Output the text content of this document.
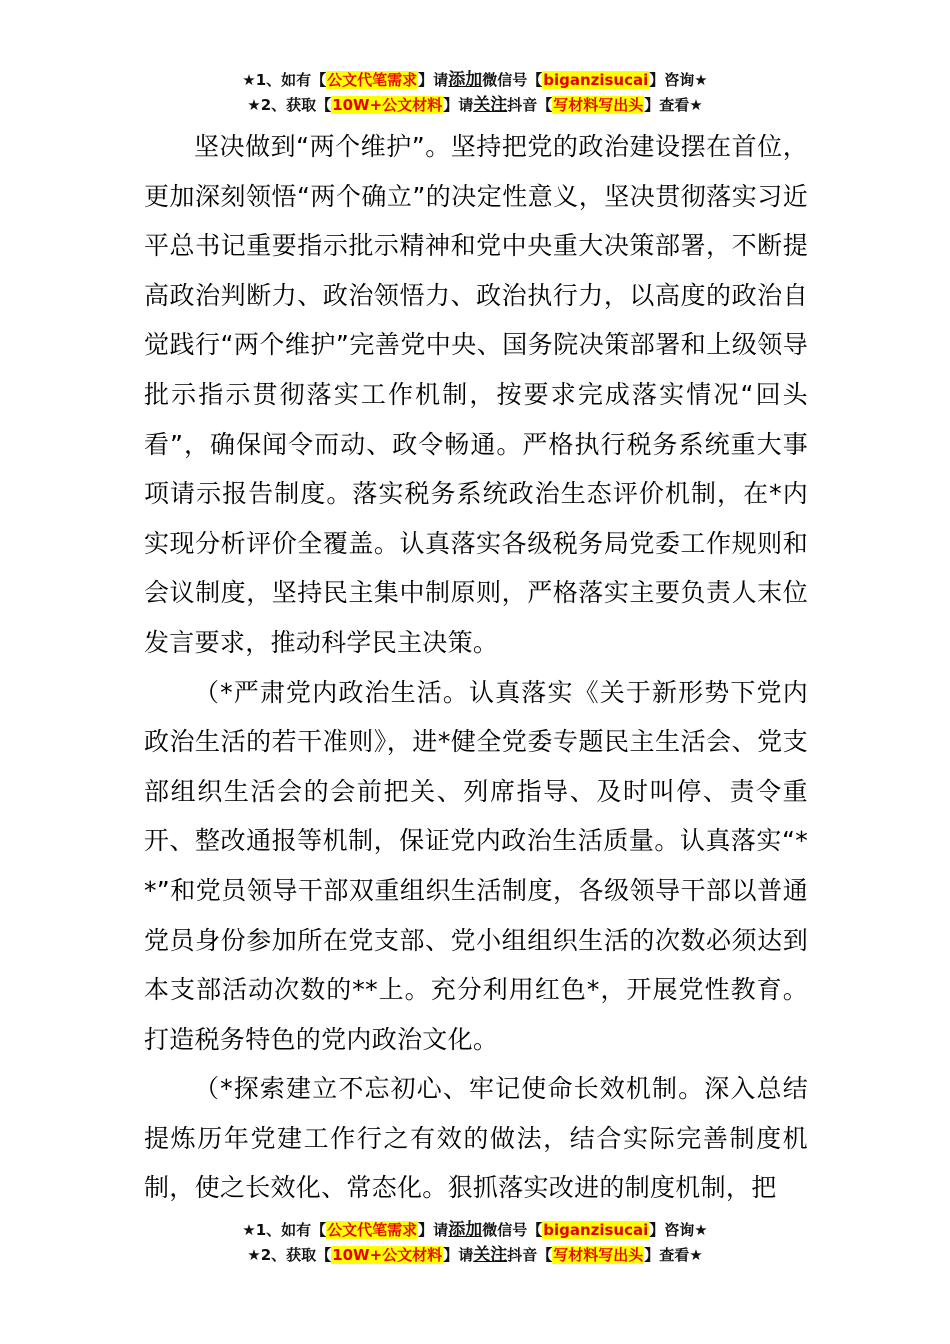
★1、如有【公文代笔需求】请添加微信号【biganzisucai】咨询★
★2、获取【10W+公文材料】请关注抖音【写材料写出头】查看★

坚决做到“两个维护”。坚持把党的政治建设摆在首位，更加深刻领悟“两个确立”的决定性意义，坚决贯彻落实习近平总书记重要指示批示精神和党中央重大决策部署，不断提高政治判断力、政治领悟力、政治执行力，以高度的政治自觉践行“两个维护”完善党中央、国务院决策部署和上级领导批示指示贯彻落实工作机制，按要求完成落实情况“回头看”，确保闻令而动、政令畅通。严格执行税务系统重大事项请示报告制度。落实税务系统政治生态评价机制，在*内实现分析评价全覆盖。认真落实各级税务局党委工作规则和会议制度，坚持民主集中制原则，严格落实主要负责人末位发言要求，推动科学民主决策。

（*严肃党内政治生活。认真落实《关于新形势下党内政治生活的若干准则》，进*健全党委专题民主生活会、党支部组织生活会的会前把关、列席指导、及时叫停、责令重开、整改通报等机制，保证党内政治生活质量。认真落实“**”和党员领导干部双重组织生活制度，各级领导干部以普通党员身份参加所在党支部、党小组组织生活的次数必须达到本支部活动次数的**上。充分利用红色*，开展党性教育。打造税务特色的党内政治文化。

（*探索建立不忘初心、牢记使命长效机制。深入总结提炼历年党建工作行之有效的做法，结合实际完善制度机制，使之长效化、常态化。狠抓落实改进的制度机制，把

★1、如有【公文代笔需求】请添加微信号【biganzisucai】咨询★
★2、获取【10W+公文材料】请关注抖音【写材料写出头】查看★
